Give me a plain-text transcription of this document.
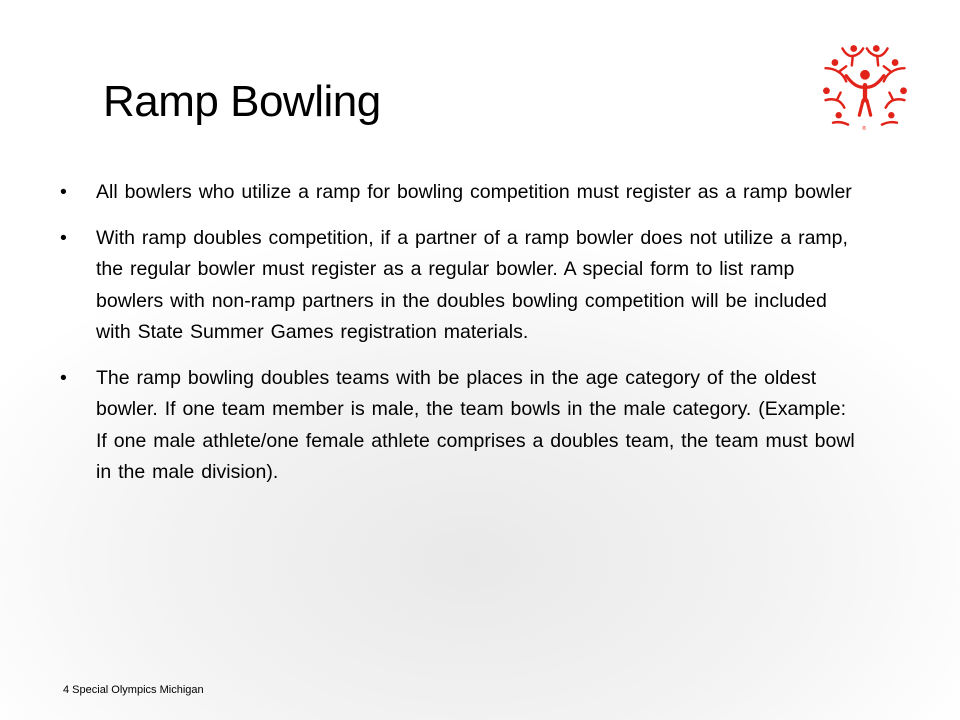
Ramp Bowling
®
• All bowlers who utilize a ramp for bowling competition must register as a ramp bowler
• With ramp doubles competition, if a partner of a ramp bowler does not utilize a ramp, the regular bowler must register as a regular bowler. A special form to list ramp bowlers with non-ramp partners in the doubles bowling competition will be included with State Summer Games registration materials.
• The ramp bowling doubles teams with be places in the age category of the oldest bowler. If one team member is male, the team bowls in the male category. (Example: If one male athlete/one female athlete comprises a doubles team, the team must bowl in the male division).
4 Special Olympics Michigan
